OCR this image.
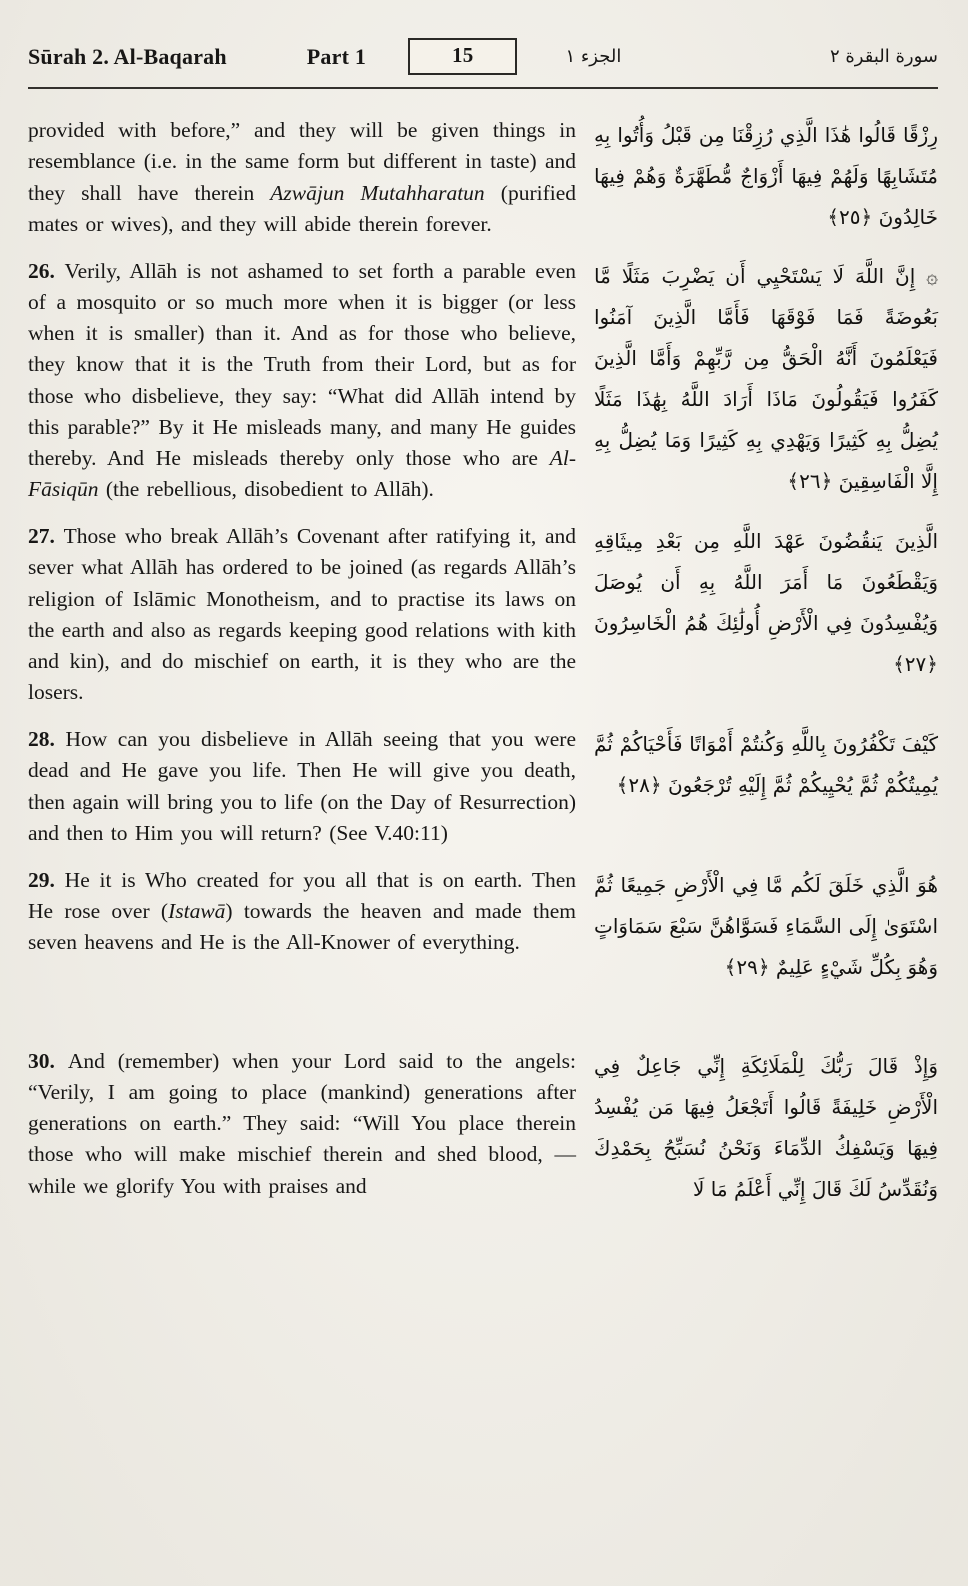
Sūrah 2. Al-Baqarah	Part 1	15	الجزء ١	سورة البقرة ٢

provided with before,” and they will be given things in resemblance (i.e. in the same form but different in taste) and they shall have therein Azwājun Mutahharatun (purified mates or wives), and they will abide therein forever.

رِزْقًا قَالُوا هَٰذَا الَّذِي رُزِقْنَا مِن قَبْلُ وَأُتُوا بِهِ مُتَشَابِهًا وَلَهُمْ فِيهَا أَزْوَاجٌ مُّطَهَّرَةٌ وَهُمْ فِيهَا خَالِدُونَ ﴿٢٥﴾

26. Verily, Allāh is not ashamed to set forth a parable even of a mosquito or so much more when it is bigger (or less when it is smaller) than it. And as for those who believe, they know that it is the Truth from their Lord, but as for those who disbelieve, they say: “What did Allāh intend by this parable?” By it He misleads many, and many He guides thereby. And He misleads thereby only those who are Al-Fāsiqūn (the rebellious, disobedient to Allāh).

۞ إِنَّ اللَّهَ لَا يَسْتَحْيِي أَن يَضْرِبَ مَثَلًا مَّا بَعُوضَةً فَمَا فَوْقَهَا فَأَمَّا الَّذِينَ آمَنُوا فَيَعْلَمُونَ أَنَّهُ الْحَقُّ مِن رَّبِّهِمْ وَأَمَّا الَّذِينَ كَفَرُوا فَيَقُولُونَ مَاذَا أَرَادَ اللَّهُ بِهَٰذَا مَثَلًا يُضِلُّ بِهِ كَثِيرًا وَيَهْدِي بِهِ كَثِيرًا وَمَا يُضِلُّ بِهِ إِلَّا الْفَاسِقِينَ ﴿٢٦﴾

27. Those who break Allāh’s Covenant after ratifying it, and sever what Allāh has ordered to be joined (as regards Allāh’s religion of Islāmic Monotheism, and to practise its laws on the earth and also as regards keeping good relations with kith and kin), and do mischief on earth, it is they who are the losers.

الَّذِينَ يَنقُضُونَ عَهْدَ اللَّهِ مِن بَعْدِ مِيثَاقِهِ وَيَقْطَعُونَ مَا أَمَرَ اللَّهُ بِهِ أَن يُوصَلَ وَيُفْسِدُونَ فِي الْأَرْضِ أُولَٰئِكَ هُمُ الْخَاسِرُونَ ﴿٢٧﴾

28. How can you disbelieve in Allāh seeing that you were dead and He gave you life. Then He will give you death, then again will bring you to life (on the Day of Resurrection) and then to Him you will return? (See V.40:11)

كَيْفَ تَكْفُرُونَ بِاللَّهِ وَكُنتُمْ أَمْوَاتًا فَأَحْيَاكُمْ ثُمَّ يُمِيتُكُمْ ثُمَّ يُحْيِيكُمْ ثُمَّ إِلَيْهِ تُرْجَعُونَ ﴿٢٨﴾

29. He it is Who created for you all that is on earth. Then He rose over (Istawā) towards the heaven and made them seven heavens and He is the All-Knower of everything.

هُوَ الَّذِي خَلَقَ لَكُم مَّا فِي الْأَرْضِ جَمِيعًا ثُمَّ اسْتَوَىٰ إِلَى السَّمَاءِ فَسَوَّاهُنَّ سَبْعَ سَمَاوَاتٍ وَهُوَ بِكُلِّ شَيْءٍ عَلِيمٌ ﴿٢٩﴾

30. And (remember) when your Lord said to the angels: “Verily, I am going to place (mankind) generations after generations on earth.” They said: “Will You place therein those who will make mischief therein and shed blood, — while we glorify You with praises and

وَإِذْ قَالَ رَبُّكَ لِلْمَلَائِكَةِ إِنِّي جَاعِلٌ فِي الْأَرْضِ خَلِيفَةً قَالُوا أَتَجْعَلُ فِيهَا مَن يُفْسِدُ فِيهَا وَيَسْفِكُ الدِّمَاءَ وَنَحْنُ نُسَبِّحُ بِحَمْدِكَ وَنُقَدِّسُ لَكَ قَالَ إِنِّي أَعْلَمُ مَا لَا
